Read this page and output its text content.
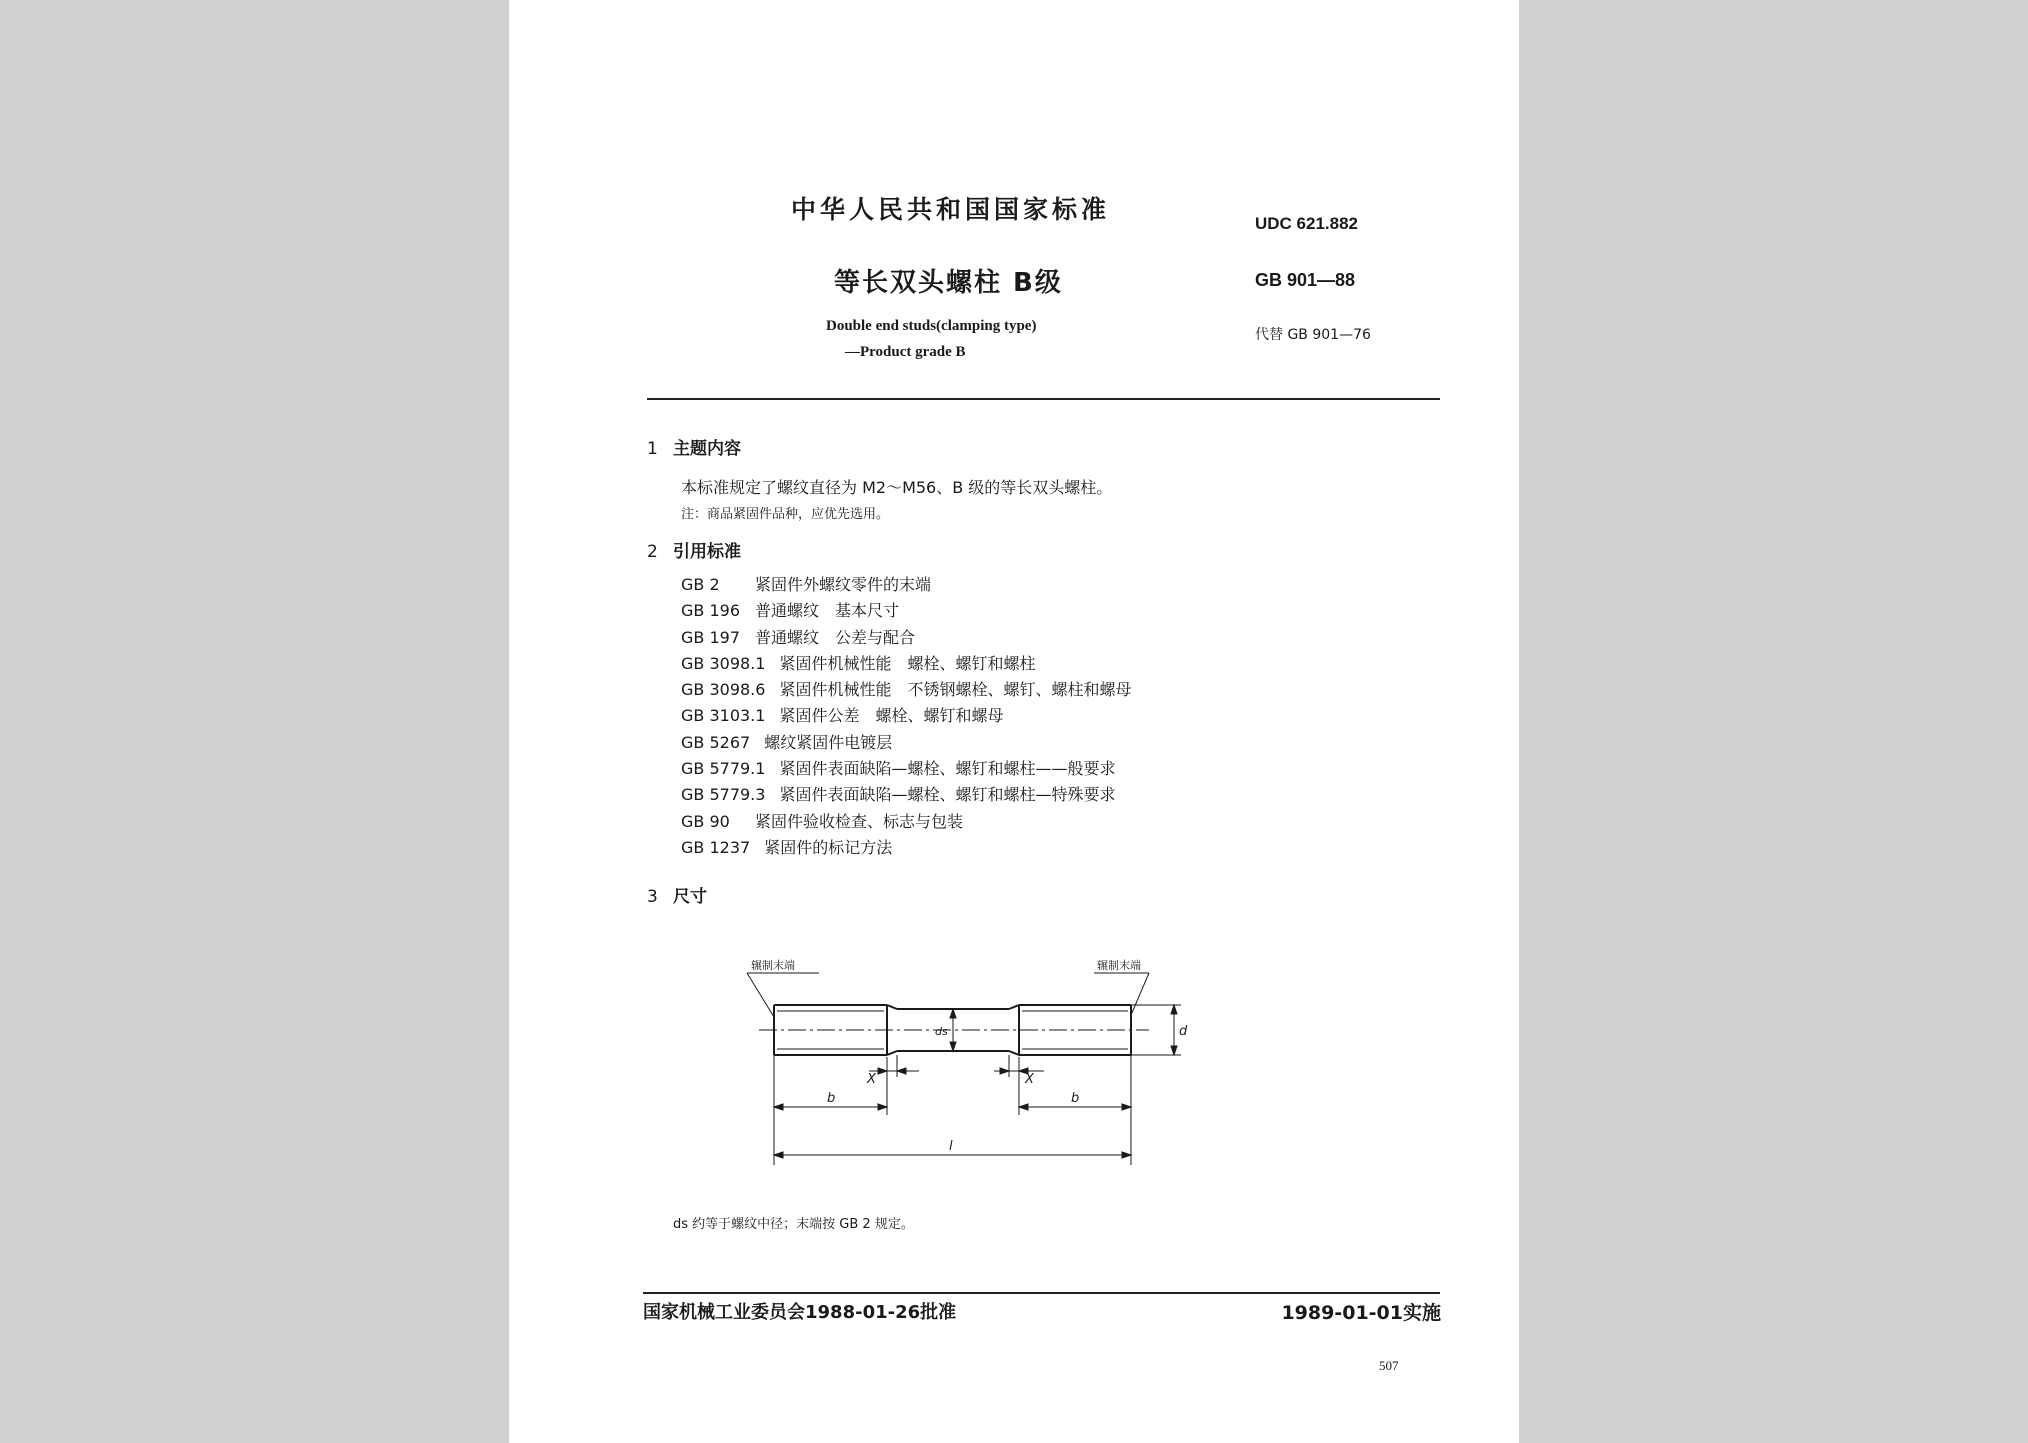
中华人民共和国国家标准	UDC 621.882
等长双头螺柱 B级	GB 901—88
Double end studs(clamping type)
—Product grade B
代替 GB 901—76
1 主题内容
本标准规定了螺纹直径为 M2～M56、B 级的等长双头螺柱。
注：商品紧固件品种，应优先选用。
2 引用标准
GB 2 紧固件外螺纹零件的末端
GB 196 普通螺纹　基本尺寸
GB 197 普通螺纹　公差与配合
GB 3098.1 紧固件机械性能　螺栓、螺钉和螺柱
GB 3098.6 紧固件机械性能　不锈钢螺栓、螺钉、螺柱和螺母
GB 3103.1 紧固件公差　螺栓、螺钉和螺母
GB 5267 螺纹紧固件电镀层
GB 5779.1 紧固件表面缺陷—螺栓、螺钉和螺柱——般要求
GB 5779.3 紧固件表面缺陷—螺栓、螺钉和螺柱—特殊要求
GB 90 紧固件验收检查、标志与包装
GB 1237 紧固件的标记方法
3 尺寸
辗制末端	辗制末端
X	X
b	b
l
d
ds
ds 约等于螺纹中径；末端按 GB 2 规定。
国家机械工业委员会1988-01-26批准	1989-01-01实施
507
